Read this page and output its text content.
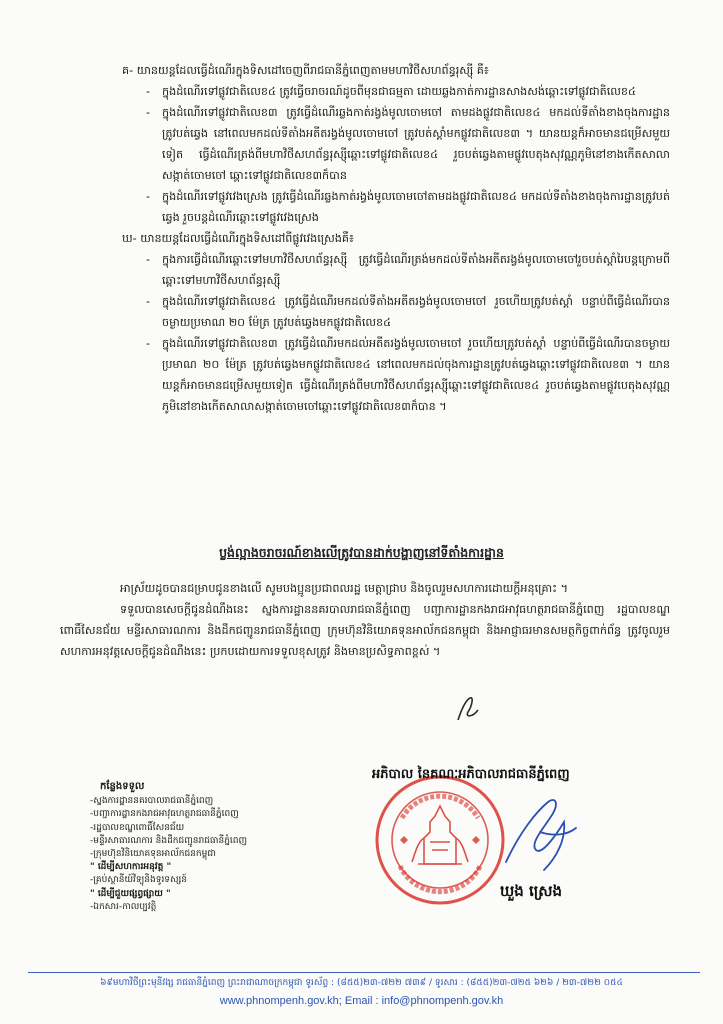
គ- យានយន្តដែលធ្វើដំណើរក្នុងទិសដៅចេញពីរាជធានីភ្នំពេញតាមមហាវិថីសហព័ន្ធរុស្ស៊ី គឺ៖

- ក្នុងដំណើរទៅផ្លូវជាតិលេខ៤ ត្រូវធ្វើចរាចរណ៍ដូចពីមុនជាធម្មតា ដោយឆ្លងកាត់ការដ្ឋានសាងសង់ឆ្ពោះទៅផ្លូវជាតិលេខ៤

- ក្នុងដំណើរទៅផ្លូវជាតិលេខ៣ ត្រូវធ្វើដំណើរឆ្លងកាត់រង្វង់មូលចោមចៅ តាមដងផ្លូវជាតិលេខ៤ មកដល់ទីតាំងខាងចុងការដ្ឋានត្រូវបត់ឆ្វេង នៅពេលមកដល់ទីតាំងអតីតរង្វង់មូលចោមចៅ ត្រូវបត់ស្តាំមកផ្លូវជាតិលេខ៣ ។ យានយន្តក៏អាចមានជម្រើសមួយទៀត ធ្វើដំណើរត្រង់ពីមហាវិថីសហព័ន្ធរុស្ស៊ីឆ្ពោះទៅផ្លូវជាតិលេខ៤ រួចបត់ឆ្វេងតាមផ្លូវបេតុងសុវណ្ណភូមិនៅខាងកើតសាលាសង្កាត់ចោមចៅ ឆ្ពោះទៅផ្លូវជាតិលេខ៣ក៏បាន

- ក្នុងដំណើរទៅផ្លូវវេងស្រេង ត្រូវធ្វើដំណើរឆ្លងកាត់រង្វង់មូលចោមចៅតាមដងផ្លូវជាតិលេខ៤ មកដល់ទីតាំងខាងចុងការដ្ឋានត្រូវបត់ឆ្វេង រួចបន្តដំណើរឆ្ពោះទៅផ្លូវវេងស្រេង

ឃ- យានយន្តដែលធ្វើដំណើរក្នុងទិសដៅពីផ្លូវវេងស្រេងគឺ៖

- ក្នុងការធ្វើដំណើរឆ្ពោះទៅមហាវិថីសហព័ន្ធរុស្ស៊ី ត្រូវធ្វើដំណើរត្រង់មកដល់ទីតាំងអតីតរង្វង់មូលចោមចៅរួចបត់ស្តាំរៃបន្តក្រោមពីឆ្ពោះទៅមហាវិថីសហព័ន្ធរុស្ស៊ី

- ក្នុងដំណើរទៅផ្លូវជាតិលេខ៤ ត្រូវធ្វើដំណើរមកដល់ទីតាំងអតីតរង្វង់មូលចោមចៅ រួចហើយត្រូវបត់ស្តាំ បន្ទាប់ពីធ្វើដំណើរបានចម្ងាយប្រមាណ ២០ ម៉ែត្រ ត្រូវបត់ឆ្វេងមកផ្លូវជាតិលេខ៤

- ក្នុងដំណើរទៅផ្លូវជាតិលេខ៣ ត្រូវធ្វើដំណើរមកដល់អតីតរង្វង់មូលចោមចៅ រួចហើយត្រូវបត់ស្តាំ បន្ទាប់ពីធ្វើដំណើរបានចម្ងាយប្រមាណ ២០ ម៉ែត្រ ត្រូវបត់ឆ្វេងមកផ្លូវជាតិលេខ៤ នៅពេលមកដល់ចុងការដ្ឋានត្រូវបត់ឆ្វេងឆ្ពោះទៅផ្លូវជាតិលេខ៣ ។ យានយន្តក៏អាចមានជម្រើសមួយទៀត ធ្វើដំណើរត្រង់ពីមហាវិថីសហព័ន្ធរុស្ស៊ីឆ្ពោះទៅផ្លូវជាតិលេខ៤ រួចបត់ឆ្វេងតាមផ្លូវបេតុងសុវណ្ណភូមិនៅខាងកើតសាលាសង្កាត់ចោមចៅឆ្ពោះទៅផ្លូវជាតិលេខ៣ក៏បាន ។

ប្លង់ល្អាងចរាចរណ៍ខាងលើត្រូវបានដាក់បង្ហាញនៅទីតាំងការដ្ឋាន

អាស្រ័យដូចបានជម្រាបជូនខាងលើ សូមបងប្អូនប្រជាពលរដ្ឋ មេត្តាជ្រាប និងចូលរួមសហការដោយក្តីអនុគ្រោះ ។

ទទួលបានសេចក្តីជូនដំណឹងនេះ ស្នងការដ្ឋាននគរបាលរាជធានីភ្នំពេញ បញ្ជាការដ្ឋានកងរាជអាវុធហត្ថរាជធានីភ្នំពេញ រដ្ឋបាលខណ្ឌពោធិ៍សែនជ័យ មន្ទីរសាធារណការ និងដឹកជញ្ជូនរាជធានីភ្នំពេញ ក្រុមហ៊ុនវិនិយោគទុនអាល័កជនកម្ពុជា និងអាជ្ញាធរមានសមត្ថកិច្ចពាក់ព័ន្ធ ត្រូវចូលរួមសហការអនុវត្តសេចក្តីជូនដំណឹងនេះ ប្រកបដោយការទទួលខុសត្រូវ និងមានប្រសិទ្ធភាពខ្ពស់ ។

កន្លែងទទួល

-ស្នងការដ្ឋាននគរបាលរាជធានីភ្នំពេញ

-បញ្ជាការដ្ឋានកងរាជអាវុធហត្ថរាជធានីភ្នំពេញ

-រដ្ឋបាលខណ្ឌពោធិ៍សែនជ័យ

-មន្ទីរសាធារណការ និងដឹកជញ្ជូនរាជធានីភ្នំពេញ

-ក្រុមហ៊ុនវិនិយោគទុនអាល័កជនកម្ពុជា

" ដើម្បីសហការអនុវត្ត "

-គ្រប់ស្ថានីយ៍វិទ្យុនិងទូរទស្សន៍

" ដើម្បីជួយផ្សព្វផ្សាយ "

-ឯកសារ-កាលប្បវត្តិ

អភិបាល នៃគណៈអភិបាលរាជធានីភ្នំពេញ
ឃួង ស្រេង
៦៩មហាវិថីព្រះមុនីវង្ស រាជធានីភ្នំពេញ ព្រះរាជាណាចក្រកម្ពុជា ទូរស័ព្ទ : (៨៥៥)២៣-៧២២ ៧៣៩ / ទូរសារ : (៨៥៥)២៣-៧២៥ ៦២៦ / ២៣-៧២២ ០៥៤
www.phnompenh.gov.kh; Email : info@phnompenh.gov.kh
